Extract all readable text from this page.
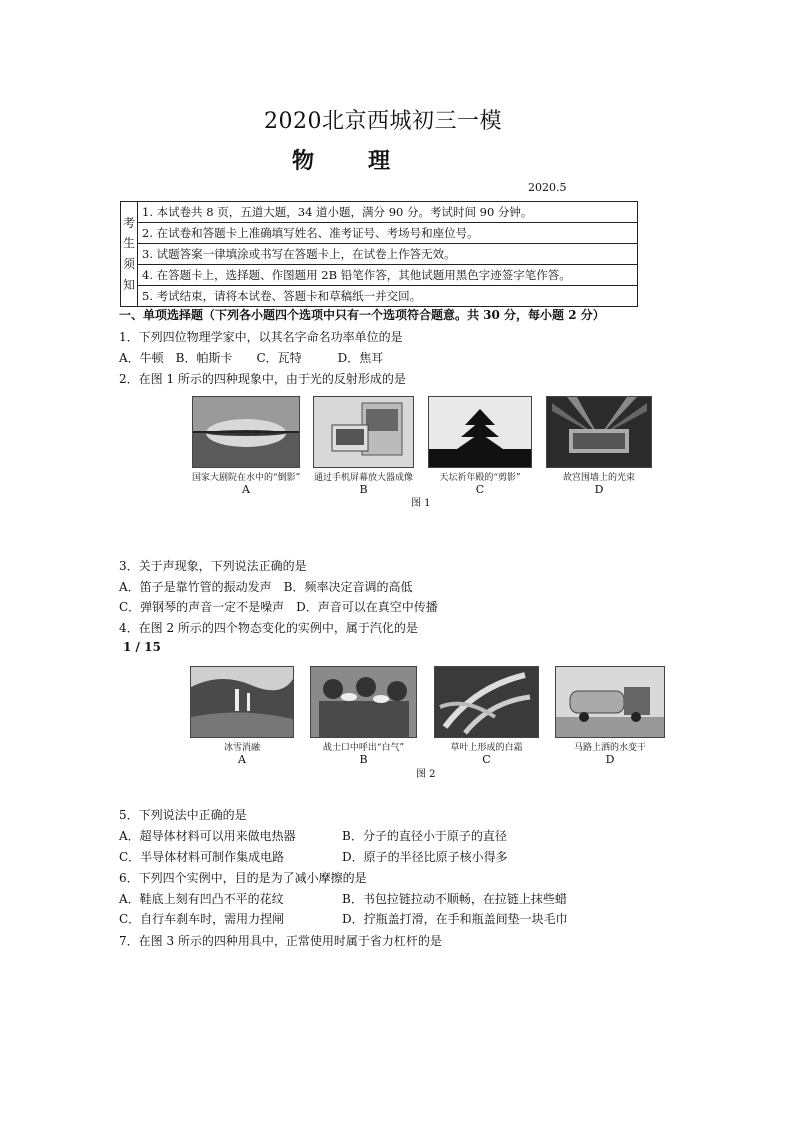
2020北京西城初三一模
物　理
2020.5
考
生
须
知
	1. 本试卷共 8 页，五道大题，34 道小题，满分 90 分。考试时间 90 分钟。
2. 在试卷和答题卡上准确填写姓名、准考证号、考场号和座位号。
3. 试题答案一律填涂或书写在答题卡上，在试卷上作答无效。
4. 在答题卡上，选择题、作图题用 2B 铅笔作答，其他试题用黑色字迹签字笔作答。
5. 考试结束，请将本试卷、答题卡和草稿纸一并交回。
一、单项选择题（下列各小题四个选项中只有一个选项符合题意。共 30 分，每小题 2 分）
1．下列四位物理学家中，以其名字命名功率单位的是
A．牛顿　B．帕斯卡　　C．瓦特　　　D．焦耳
2．在图 1 所示的四种现象中，由于光的反射形成的是
国家大剧院在水中的“倒影”
A
通过手机屏幕放大器成像
B
天坛祈年殿的“剪影”
C
故宫围墙上的光束
D
图 1
3．关于声现象，下列说法正确的是
A．笛子是靠竹管的振动发声　B．频率决定音调的高低
C．弹钢琴的声音一定不是噪声　D．声音可以在真空中传播
4．在图 2 所示的四个物态变化的实例中，属于汽化的是
1 / 15
冰雪消融
A
战士口中呼出“白气”
B
草叶上形成的白霜
C
马路上洒的水变干
D
图 2
5．下列说法中正确的是
A．超导体材料可以用来做电热器	B．分子的直径小于原子的直径
C．半导体材料可制作集成电路	D．原子的半径比原子核小得多
6．下列四个实例中，目的是为了减小摩擦的是
A．鞋底上刻有凹凸不平的花纹	B．书包拉链拉动不顺畅，在拉链上抹些蜡
C．自行车刹车时，需用力捏闸	D．拧瓶盖打滑，在手和瓶盖间垫一块毛巾
7．在图 3 所示的四种用具中，正常使用时属于省力杠杆的是
